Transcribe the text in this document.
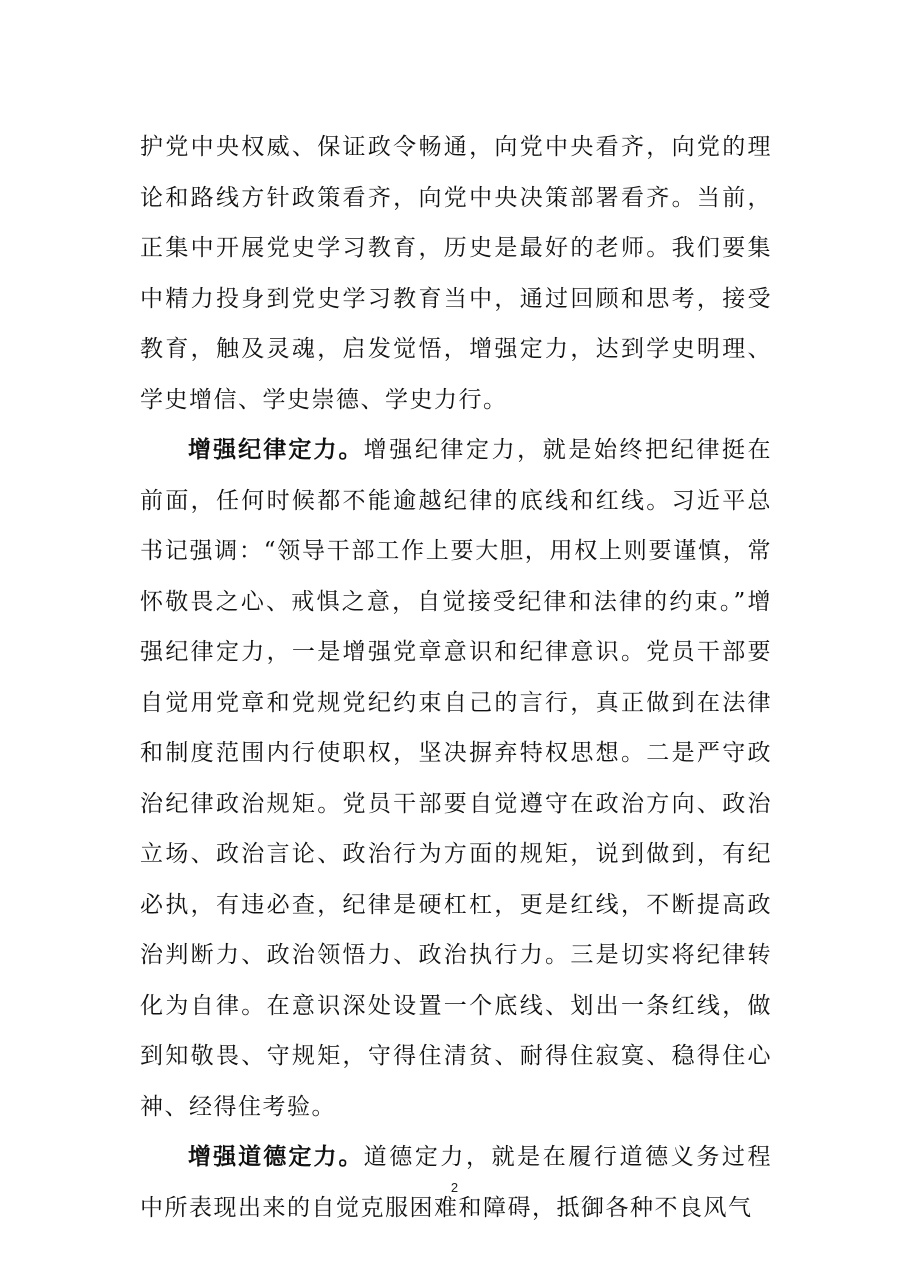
护党中央权威、保证政令畅通，向党中央看齐，向党的理论和路线方针政策看齐，向党中央决策部署看齐。当前，正集中开展党史学习教育，历史是最好的老师。我们要集中精力投身到党史学习教育当中，通过回顾和思考，接受教育，触及灵魂，启发觉悟，增强定力，达到学史明理、学史增信、学史崇德、学史力行。

增强纪律定力。增强纪律定力，就是始终把纪律挺在前面，任何时候都不能逾越纪律的底线和红线。习近平总书记强调：“领导干部工作上要大胆，用权上则要谨慎，常怀敬畏之心、戒惧之意，自觉接受纪律和法律的约束。”增强纪律定力，一是增强党章意识和纪律意识。党员干部要自觉用党章和党规党纪约束自己的言行，真正做到在法律和制度范围内行使职权，坚决摒弃特权思想。二是严守政治纪律政治规矩。党员干部要自觉遵守在政治方向、政治立场、政治言论、政治行为方面的规矩，说到做到，有纪必执，有违必查，纪律是硬杠杠，更是红线，不断提高政治判断力、政治领悟力、政治执行力。三是切实将纪律转化为自律。在意识深处设置一个底线、划出一条红线，做到知敬畏、守规矩，守得住清贫、耐得住寂寞、稳得住心神、经得住考验。

增强道德定力。道德定力，就是在履行道德义务过程中所表现出来的自觉克服困难和障碍，抵御各种不良风气

2
